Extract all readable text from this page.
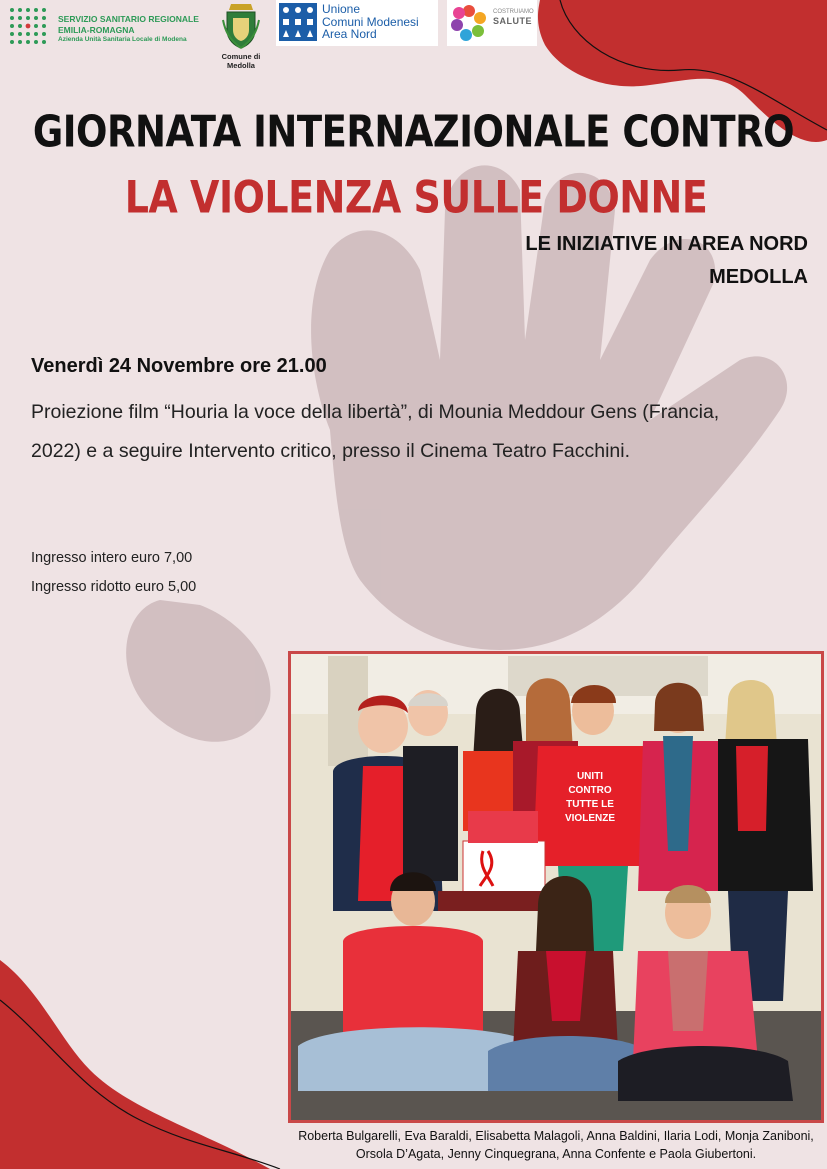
SERVIZIO SANITARIO REGIONALE
EMILIA-ROMAGNA
Azienda Unità Sanitaria Locale di Modena
Comune di
Medolla
Unione
Comuni Modenesi
Area Nord
COSTRUIAMO
SALUTE
GIORNATA INTERNAZIONALE CONTRO
LA VIOLENZA SULLE DONNE
LE INIZIATIVE IN AREA NORD
MEDOLLA
Venerdì 24 Novembre ore 21.00
Proiezione film “Houria la voce della libertà”, di Mounia Meddour Gens (Francia, 2022) e a seguire Intervento critico, presso il Cinema Teatro Facchini.
Ingresso intero euro 7,00
Ingresso ridotto euro 5,00
UNITI
CONTRO
TUTTE LE
VIOLENZE
Roberta Bulgarelli, Eva Baraldi, Elisabetta Malagoli, Anna Baldini, Ilaria Lodi, Monja Zaniboni, Orsola D’Agata, Jenny Cinquegrana, Anna Confente e Paola Giubertoni.
